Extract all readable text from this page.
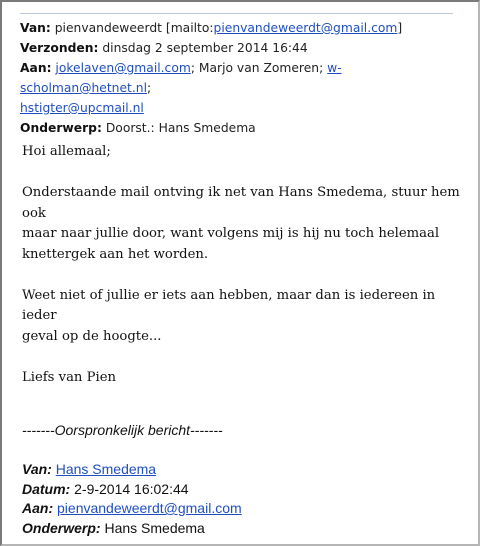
Van: pienvandeweerdt [mailto:pienvandeweerdt@gmail.com]
Verzonden: dinsdag 2 september 2014 16:44
Aan: jokelaven@gmail.com; Marjo van Zomeren; w-scholman@hetnet.nl;
hstigter@upcmail.nl
Onderwerp: Doorst.: Hans Smedema

Hoi allemaal;

Onderstaande mail ontving ik net van Hans Smedema, stuur hem ook

maar naar jullie door, want volgens mij is hij nu toch helemaal

knettergek aan het worden.

Weet niet of jullie er iets aan hebben, maar dan is iedereen in ieder

geval op de hoogte...

Liefs van Pien

-------Oorspronkelijk bericht-------
Van: Hans Smedema
Datum: 2-9-2014 16:02:44
Aan: pienvandeweerdt@gmail.com
Onderwerp: Hans Smedema
